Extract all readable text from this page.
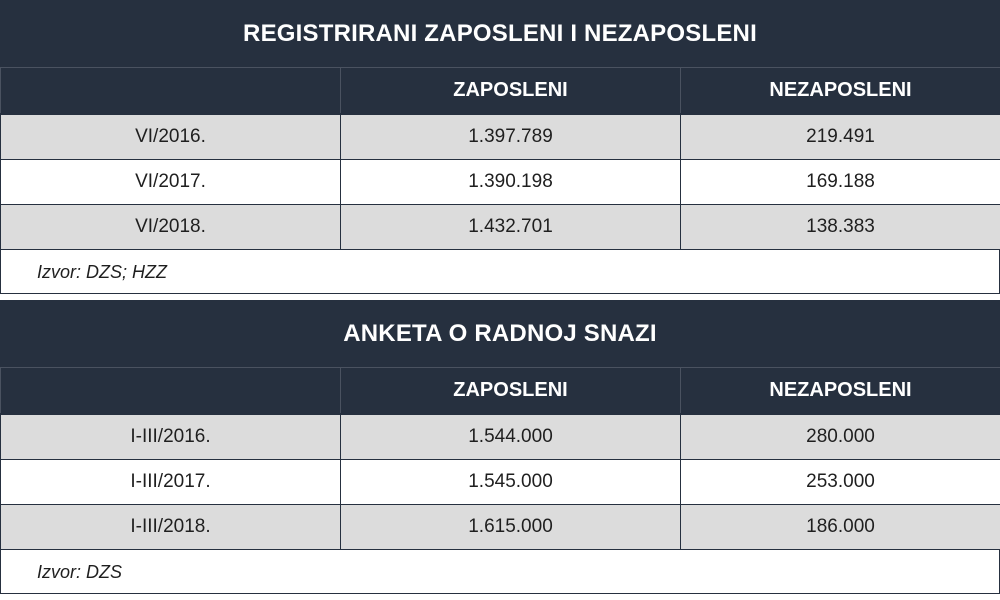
REGISTRIRANI ZAPOSLENI I NEZAPOSLENI
	ZAPOSLENI	NEZAPOSLENI
VI/2016.	1.397.789	219.491
VI/2017.	1.390.198	169.188
VI/2018.	1.432.701	138.383
Izvor: DZS; HZZ
ANKETA O RADNOJ SNAZI
	ZAPOSLENI	NEZAPOSLENI
I-III/2016.	1.544.000	280.000
I-III/2017.	1.545.000	253.000
I-III/2018.	1.615.000	186.000
Izvor: DZS
